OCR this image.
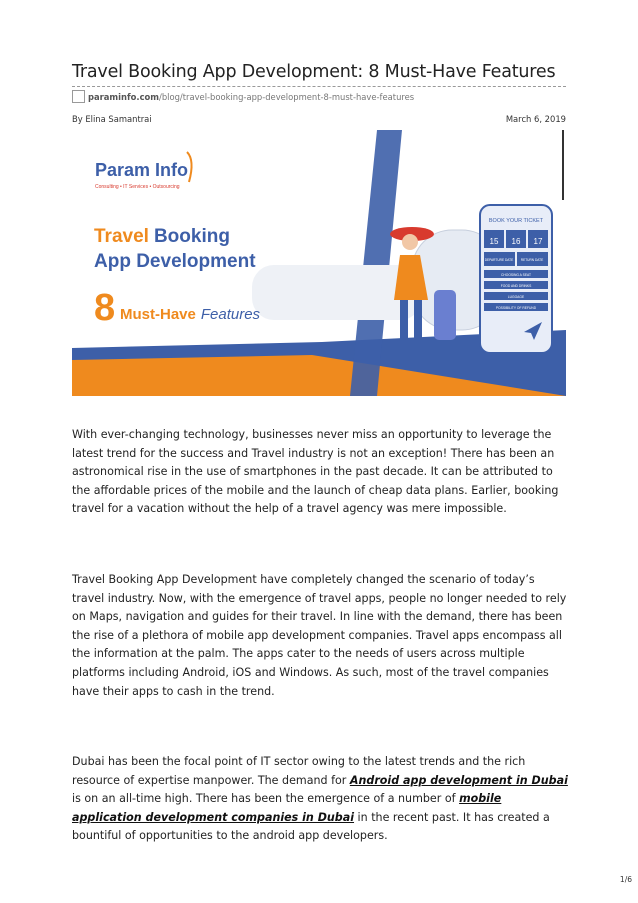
Travel Booking App Development: 8 Must-Have Features
paraminfo.com /blog/travel-booking-app-development-8-must-have-features
By Elina Samantrai	March 6, 2019
Param Info
Consulting • IT Services • Outsourcing
Travel Booking
App Development
8 Must-Have Features
BOOK YOUR TICKET
15 16 17
DEPARTURE DATE RETURN DATE
CHOOSING A SEAT
FOOD AND DRINKS
LUGGAGE
POSSIBILITY OF REFUND

With ever-changing technology, businesses never miss an opportunity to leverage the latest trend for the success and Travel industry is not an exception! There has been an astronomical rise in the use of smartphones in the past decade. It can be attributed to the affordable prices of the mobile and the launch of cheap data plans. Earlier, booking travel for a vacation without the help of a travel agency was mere impossible.

Travel Booking App Development have completely changed the scenario of today’s travel industry. Now, with the emergence of travel apps, people no longer needed to rely on Maps, navigation and guides for their travel. In line with the demand, there has been the rise of a plethora of mobile app development companies. Travel apps encompass all the information at the palm. The apps cater to the needs of users across multiple platforms including Android, iOS and Windows. As such, most of the travel companies have their apps to cash in the trend.

Dubai has been the focal point of IT sector owing to the latest trends and the rich resource of expertise manpower. The demand for Android app development in Dubai is on an all-time high. There has been the emergence of a number of mobile application development companies in Dubai in the recent past. It has created a bountiful of opportunities to the android app developers.

1/6
